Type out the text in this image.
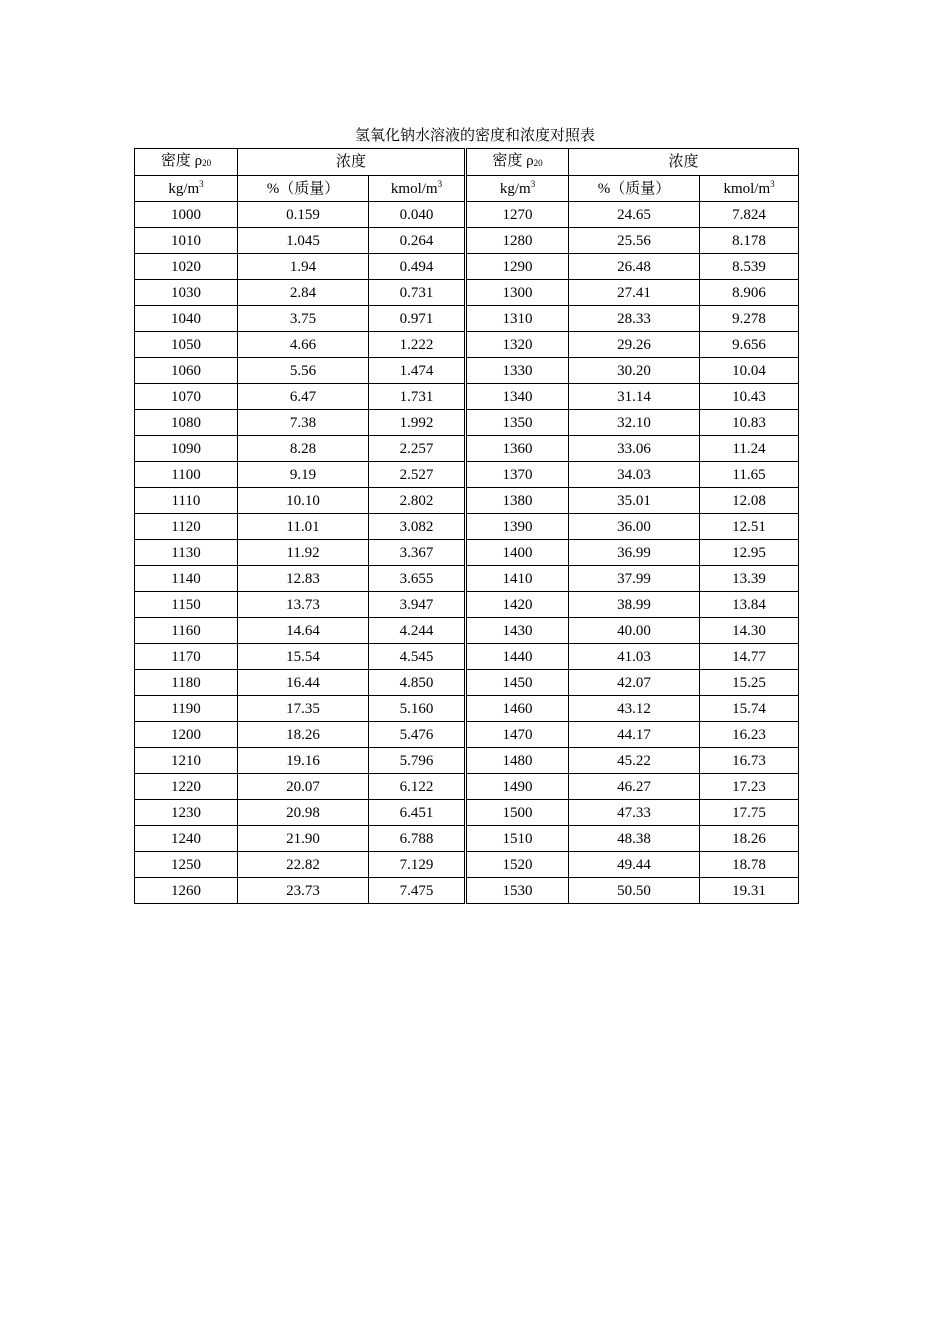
氢氧化钠水溶液的密度和浓度对照表
密度 $\rho_{20}$	浓度		密度 $\rho_{20}$	浓度	
$kg/m^3$	%（质量）	kmol/$m^3$	$kg/m^3$	%（质量）	kmol/$m^3$
1000	0.159	0.040	1270	24.65	7.824
1010	1.045	0.264	1280	25.56	8.178
1020	1.94	0.494	1290	26.48	8.539
1030	2.84	0.731	1300	27.41	8.906
1040	3.75	0.971	1310	28.33	9.278
1050	4.66	1.222	1320	29.26	9.656
1060	5.56	1.474	1330	30.20	10.04
1070	6.47	1.731	1340	31.14	10.43
1080	7.38	1.992	1350	32.10	10.83
1090	8.28	2.257	1360	33.06	11.24
1100	9.19	2.527	1370	34.03	11.65
1110	10.10	2.802	1380	35.01	12.08
1120	11.01	3.082	1390	36.00	12.51
1130	11.92	3.367	1400	36.99	12.95
1140	12.83	3.655	1410	37.99	13.39
1150	13.73	3.947	1420	38.99	13.84
1160	14.64	4.244	1430	40.00	14.30
1170	15.54	4.545	1440	41.03	14.77
1180	16.44	4.850	1450	42.07	15.25
1190	17.35	5.160	1460	43.12	15.74
1200	18.26	5.476	1470	44.17	16.23
1210	19.16	5.796	1480	45.22	16.73
1220	20.07	6.122	1490	46.27	17.23
1230	20.98	6.451	1500	47.33	17.75
1240	21.90	6.788	1510	48.38	18.26
1250	22.82	7.129	1520	49.44	18.78
1260	23.73	7.475	1530	50.50	19.31
